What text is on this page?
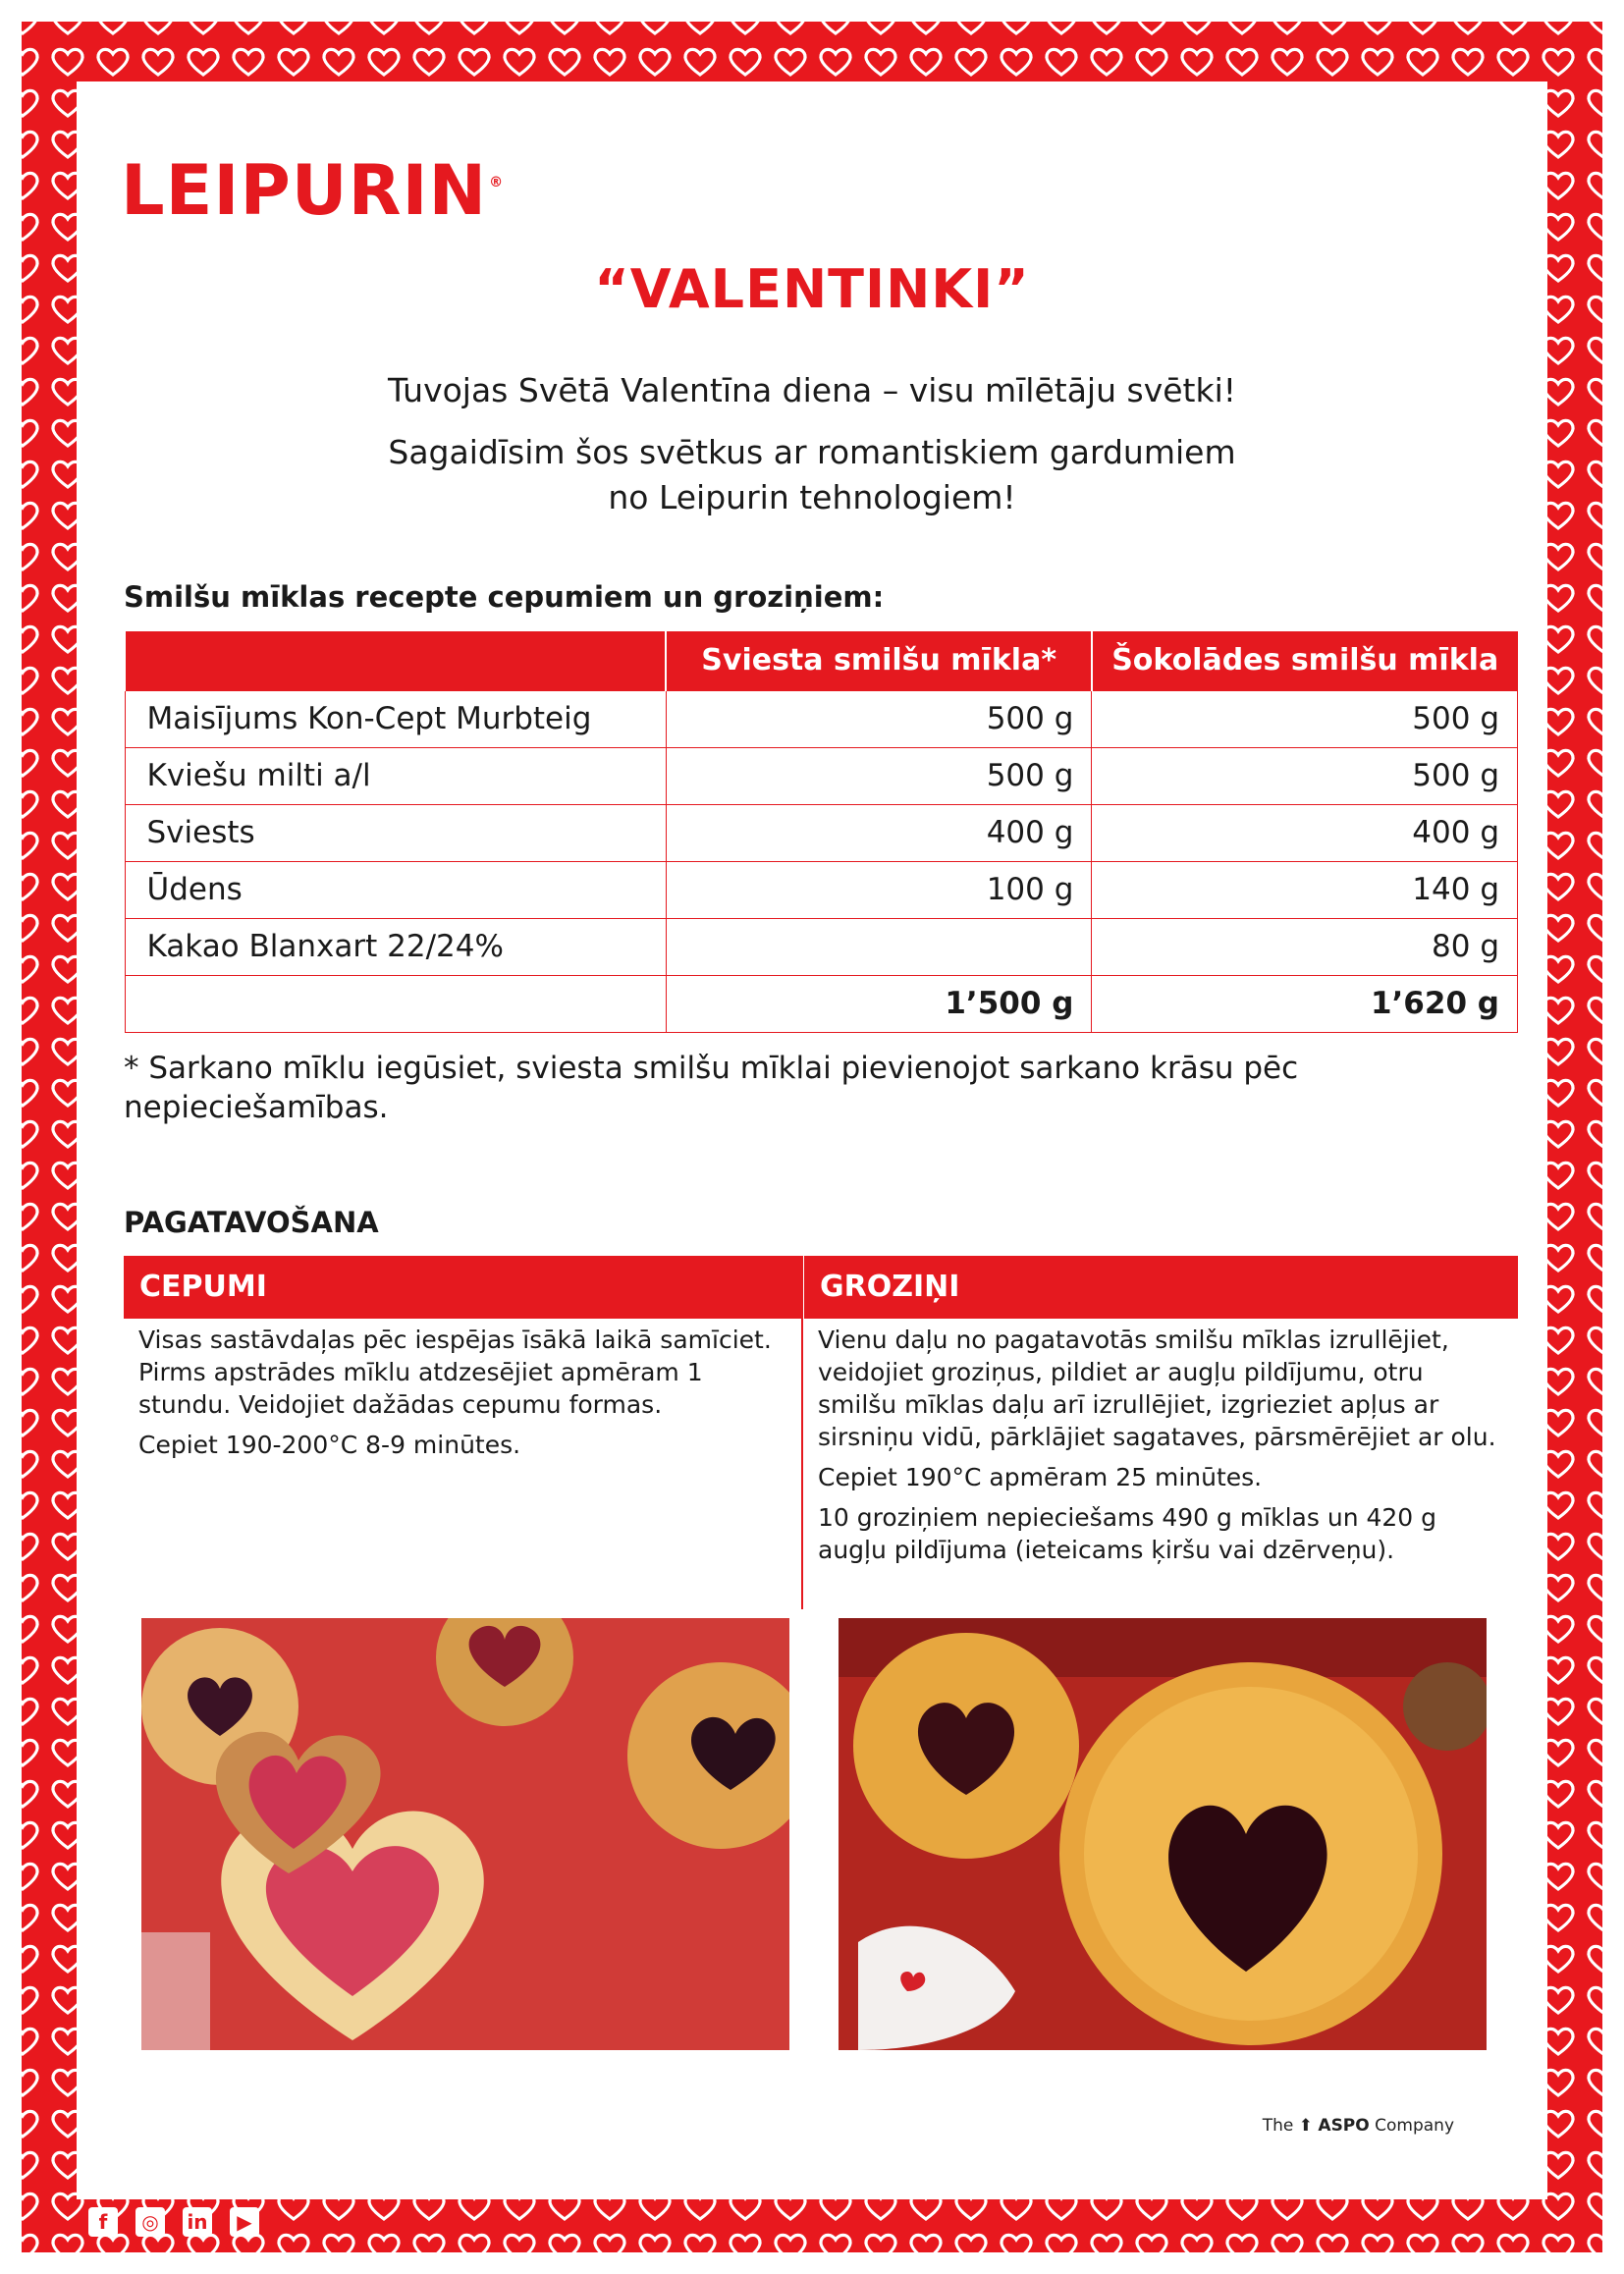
LEIPURIN ®
“VALENTINKI”
Tuvojas Svētā Valentīna diena – visu mīlētāju svētki!
Sagaidīsim šos svētkus ar romantiskiem gardumiem
no Leipurin tehnologiem!
Smilšu mīklas recepte cepumiem un groziņiem:
	Sviesta smilšu mīkla*	Šokolādes smilšu mīkla
Maisījums Kon-Cept Murbteig	500 g	500 g
Kviešu milti a/l	500 g	500 g
Sviests	400 g	400 g
Ūdens	100 g	140 g
Kakao Blanxart 22/24%		80 g
	1’500 g	1’620 g
* Sarkano mīklu iegūsiet, sviesta smilšu mīklai pievienojot sarkano krāsu pēc nepieciešamības.
PAGATAVOŠANA
CEPUMI	GROZIŅI

Visas sastāvdaļas pēc iespējas īsākā laikā samīciet. Pirms apstrādes mīklu atdzesējiet apmēram 1 stundu. Veidojiet dažādas cepumu formas.

Cepiet 190-200°C 8-9 minūtes.

Vienu daļu no pagatavotās smilšu mīklas izrullējiet, veidojiet groziņus, pildiet ar augļu pildījumu, otru smilšu mīklas daļu arī izrullējiet, izgrieziet apļus ar sirsniņu vidū, pārklājiet sagataves, pārsmērējiet ar olu.

Cepiet 190°C apmēram 25 minūtes.

10 groziņiem nepieciešams 490 g mīklas un 420 g augļu pildījuma (ieteicams ķiršu vai dzērveņu).

The ⬆ ASPO Company
f	◎	in	▶
